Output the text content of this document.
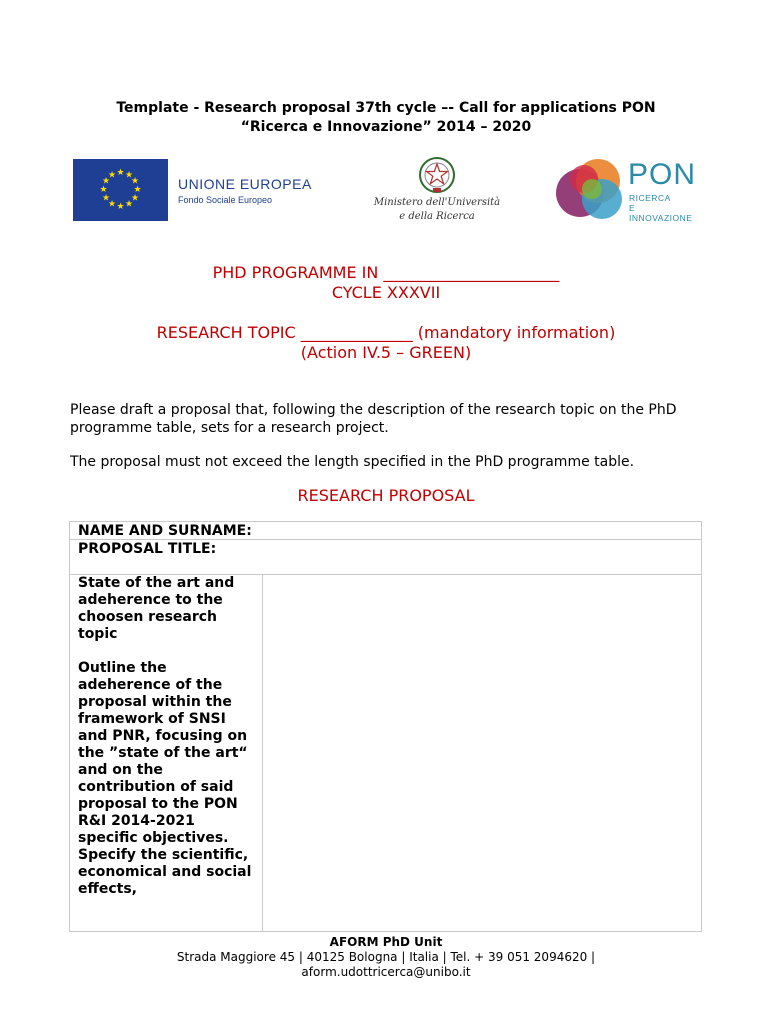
Template - Research proposal 37th cycle –- Call for applications PON
“Ricerca e Innovazione” 2014 – 2020
★ ★
★
★
★
★
★
★
★
★
★
★	UNIONE EUROPEA
Fondo Sociale Europeo	Ministero dell'Università
e della Ricerca
PON
RICERCA
E INNOVAZIONE
PHD PROGRAMME IN ______________________
CYCLE XXXVII
RESEARCH TOPIC ______________ (mandatory information)
(Action IV.5 – GREEN)
Please draft a proposal that, following the description of the research topic on the PhD programme table, sets for a research project.
The proposal must not exceed the length specified in the PhD programme table.
RESEARCH PROPOSAL
NAME AND SURNAME:
PROPOSAL TITLE:
State of the art and adeherence to the choosen research topic
Outline the adeherence of the proposal within the framework of SNSI and PNR, focusing on the ”state of the art“ and on the contribution of said proposal to the PON R&I 2014-2021 specific objectives. Specify the scientific, economical and social effects,
AFORM PhD Unit
Strada Maggiore 45 | 40125 Bologna | Italia | Tel. + 39 051 2094620 |
aform.udottricerca@unibo.it
